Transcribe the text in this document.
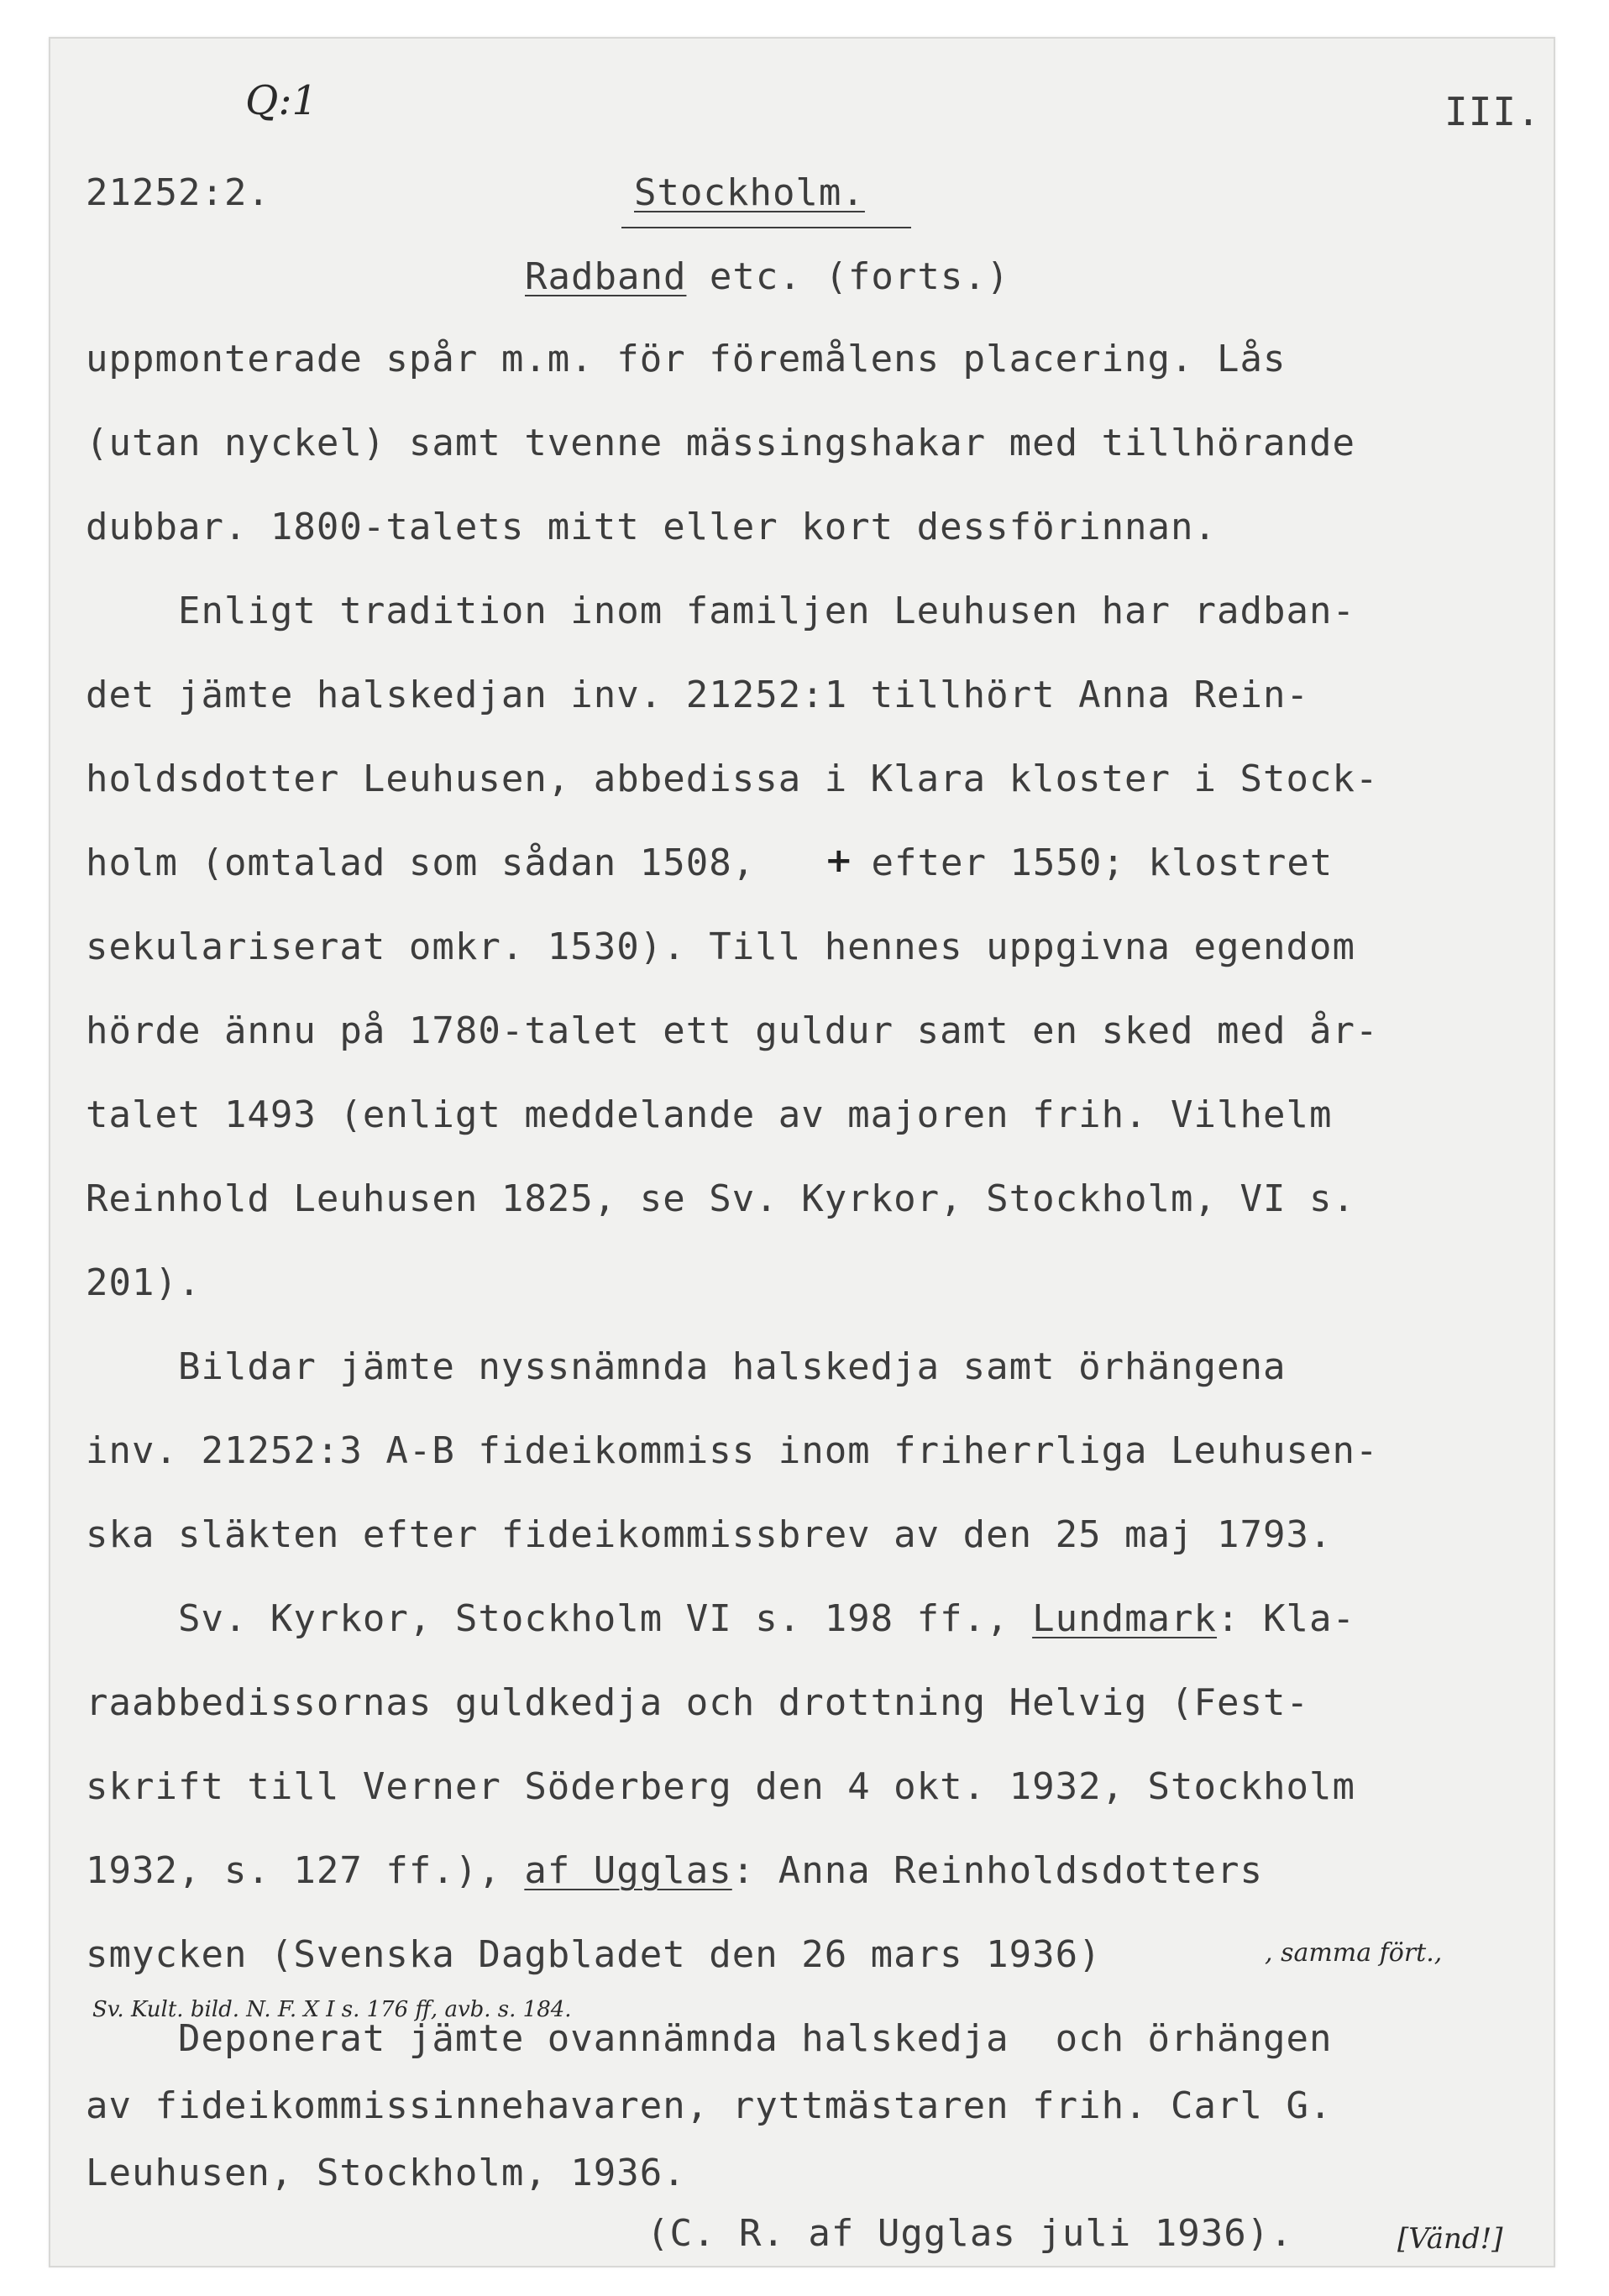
Q:1	III.
21252:2.	Stockholm.
Radband etc. (forts.)
uppmonterade spår m.m. för föremålens placering. Lås
(utan nyckel) samt tvenne mässingshakar med tillhörande
dubbar. 1800-talets mitt eller kort dessförinnan.
Enligt tradition inom familjen Leuhusen har radban-
det jämte halskedjan inv. 21252:1 tillhört Anna Rein-
holdsdotter Leuhusen, abbedissa i Klara kloster i Stock-
holm (omtalad som sådan 1508, +
efter 1550; klostret
sekulariserat omkr. 1530). Till hennes uppgivna egendom
hörde ännu på 1780-talet ett guldur samt en sked med år-
talet 1493 (enligt meddelande av majoren frih. Vilhelm
Reinhold Leuhusen 1825, se Sv. Kyrkor, Stockholm, VI s.
201).
Bildar jämte nyssnämnda halskedja samt örhängena
inv. 21252:3 A-B fideikommiss inom friherrliga Leuhusen-
ska släkten efter fideikommissbrev av den 25 maj 1793.
Sv. Kyrkor, Stockholm VI s. 198 ff., Lundmark: Kla-
raabbedissornas guldkedja och drottning Helvig (Fest-
skrift till Verner Söderberg den 4 okt. 1932, Stockholm
1932, s. 127 ff.), af Ugglas: Anna Reinholdsdotters
smycken (Svenska Dagbladet den 26 mars 1936)	, samma fört.,
Sv. Kult. bild. N. F. X I s. 176 ff, avb. s. 184.
Deponerat jämte ovannämnda halskedja  och örhängen
av fideikommissinnehavaren, ryttmästaren frih. Carl G.
Leuhusen, Stockholm, 1936.
(C. R. af Ugglas juli 1936).	[Vänd!]
